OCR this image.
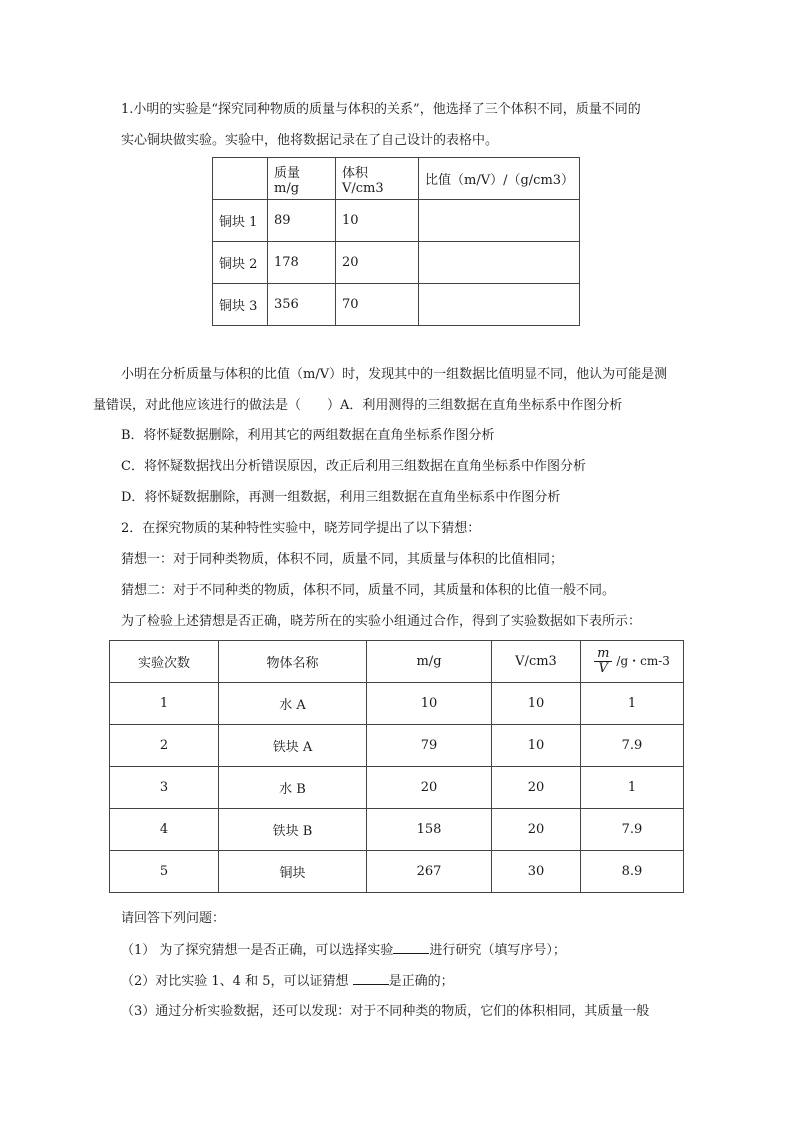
1.小明的实验是“探究同种物质的质量与体积的关系”，他选择了三个体积不同，质量不同的
实心铜块做实验。实验中，他将数据记录在了自己设计的表格中。
	质量 m/g	体积 V/cm3	比值（m/V）/（g/cm3）
铜块 1	89	10	
铜块 2	178	20	
铜块 3	356	70	
小明在分析质量与体积的比值（m/V）时，发现其中的一组数据比值明显不同，他认为可能是测
量错误，对此他应该进行的做法是（　　）A．利用测得的三组数据在直角坐标系中作图分析
B．将怀疑数据删除，利用其它的两组数据在直角坐标系作图分析
C．将怀疑数据找出分析错误原因，改正后利用三组数据在直角坐标系中作图分析
D．将怀疑数据删除，再测一组数据，利用三组数据在直角坐标系中作图分析
2．在探究物质的某种特性实验中，晓芳同学提出了以下猜想：
猜想一：对于同种类物质，体积不同，质量不同，其质量与体积的比值相同；
猜想二：对于不同种类的物质，体积不同，质量不同，其质量和体积的比值一般不同。
为了检验上述猜想是否正确，晓芳所在的实验小组通过合作，得到了实验数据如下表所示：
实验次数	物体名称	m/g	V/cm3	$\frac{m}{V} /g$・cm-3
1	水 A	10	10	1
2	铁块 A	79	10	7.9
3	水 B	20	20	1
4	铁块 B	158	20	7.9
5	铜块	267	30	8.9
请回答下列问题：
（1） 为了探究猜想一是否正确，可以选择实验	进行研究（填写序号）；
（2）对比实验 1、4 和 5，可以证猜想	是正确的；
（3）通过分析实验数据，还可以发现：对于不同种类的物质，它们的体积相同，其质量一般
